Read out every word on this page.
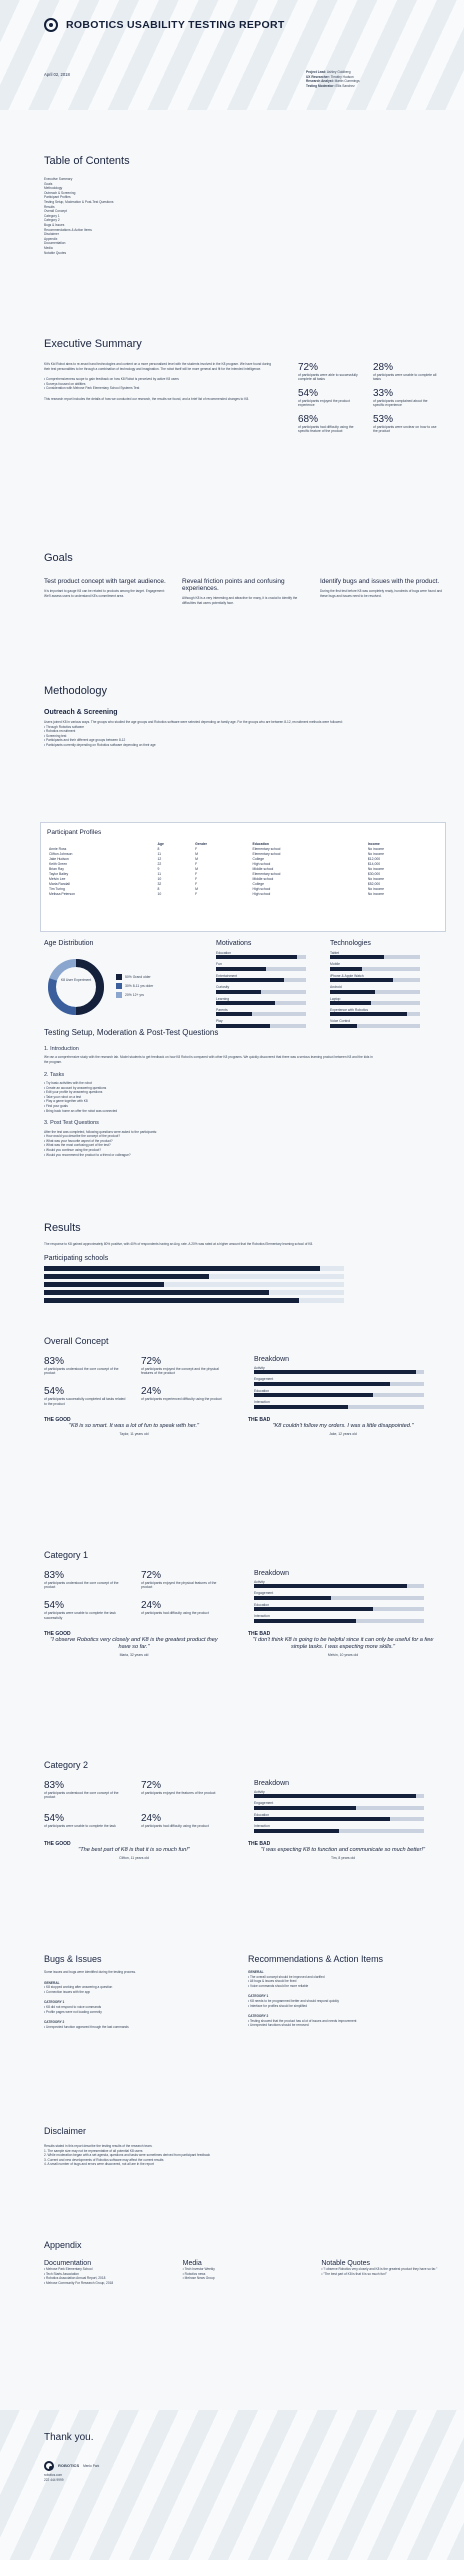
ROBOTICS USABILITY TESTING REPORT
April 02, 2018	Project Lead: Ashley Goldberg
UX Researcher: Timothy Hudson
Research Analyst: Martin Cummings
Testing Moderator: Ellis Sanchez
Table of Contents
Executive Summary
Goals
Methodology
Outreach & Screening
Participant Profiles
Testing Setup, Moderation & Post-Test Questions
Results
Overall Concept
Category 1
Category 2
Bugs & Issues
Recommendations & Action Items
Disclaimer
Appendix
Documentation
Media
Notable Quotes
Executive Summary
Kit's Kid Robot aims to re-enact hand technologies and content on a more personalized level with the students involved in the K8 program. We have found during their test personalities to be through a combination of technology and imagination. The robot itself will be more general and fit for the intended intelligence.
• Comprehensiveness scope to gain feedback on how K8 Robot is perceived by active K8 users
• Surveys focused on abilities
• Consideration with Melrose Park Elementary School Systems Test
This research report includes the details of how we conducted our research, the results we found, and a brief list of recommended changes to K8.
72%
of participants were able to successfully complete all tasks
28%
of participants were unable to complete all tasks
54%
of participants enjoyed the product experience
33%
of participants complained about the specific experience
68%
of participants had difficulty using the specific feature of the product
53%
of participants were unclear on how to use the product
Goals
Test product concept with target audience.
It is important to gauge K8 can be related to products among the target. Engagement: We'll assess users to understand K8's commitment area.
Reveal friction points and confusing experiences.
Although K8 is a very interesting and attractive for many, it is crucial to identify the difficulties that users potentially face.
Identify bugs and issues with the product.
During the first test before K8 was completely ready, hundreds of bugs were found and these bugs and issues need to be resolved.
Methodology
Outreach & Screening
Users joined K8 in various ways. The groups who studied the age groups and Robotics software were selected depending on family age. For the groups who are between 8-12, recruitment methods were followed:
• Through Robotics software
• Robotics recruitment
• Screening test
• Participants and their different age groups between 8-12
• Participants currently depending on Robotics software depending on their age
Participant Profiles
	Age	Gender	Education	Income
Annie Ross	8	F	Elementary school	No income
Clifton Johnson	11	M	Elementary school	No income
Jake Hudson	12	M	College	$12,000
Keith Green	22	F	High school	$14,000
Brian Ray	9	M	Middle school	No income
Taylor Bailey	11	F	Elementary school	$30,000
Melvin Lee	10	F	Middle school	No income
Maria Randall	32	F	College	$52,000
Tim Turing	8	M	High school	No income
Melissa Peterson	10	F	High school	No income
Age Distribution
50% Grand older
30% 8-11 yrs older
20% 12+ yrs
K8 User Experiment
Motivations
Education
Fun
Entertainment
Curiosity
Learning
Parents
Play
Technologies
Tablet
Mobile
iPhone & Apple Watch
Android
Laptop
Experience with Robotics
Voice Control
Testing Setup, Moderation & Post-Test Questions
1. Introduction
We ran a comprehensive study with the research lab. Model students to get feedback on how K8 Robot is compared with other K8 programs. We quickly discovered that there was a serious learning product between K8 and the kids in the program.
2. Tasks
• Try basic activities with the robot
• Create an account by answering questions
• Edit your profile by answering questions
• Take your robot on a test
• Play a game together with K8
• Find your goals
• Bring back home an offer the robot was connected
3. Post Test Questions
After the test was completed, following questions were asked to the participants:
• How would you describe the concept of the product?
• What was your favourite aspect of the product?
• What was the most confusing part of the test?
• Would you continue using the product?
• Would you recommend the product to a friend or colleague?
Results
The response to K8 gained approximately 80% positive, with 40% of respondents having an Avg. rate. A 20% was rated at a higher amount that the Robotics Elementary learning school of K8.
Participating schools
Overall Concept
83%
of participants understood the core concept of the product
72%
of participants enjoyed the concept and the physical features of the product
54%
of participants successfully completed all tasks related to the product
24%
of participants experienced difficulty using the product
Breakdown
Activity
Engagement
Education
Interaction
THE GOOD
"K8 is so smart. It was a lot of fun to speak with her."
Taylor, 11 years old
THE BAD
"K8 couldn't follow my orders. I was a little disappointed."
Jake, 12 years old
Category 1
83%
of participants understood the core concept of the product
72%
of participants enjoyed the physical features of the product
54%
of participants were unable to complete the task successfully
24%
of participants had difficulty using the product
Breakdown
Activity
Engagement
Education
Interaction
THE GOOD
"I observe Robotics very closely and K8 is the greatest product they have so far."
Maria, 32 years old
THE BAD
"I don't think K8 is going to be helpful since it can only be useful for a few simple tasks. I was expecting more skills."
Melvin, 10 years old
Category 2
83%
of participants understood the core concept of the product
72%
of participants enjoyed the features of the product
54%
of participants were unable to complete the task
24%
of participants had difficulty using the product
Breakdown
Activity
Engagement
Education
Interaction
THE GOOD
"The best part of K8 is that it is so much fun!"
Clifton, 11 years old
THE BAD
"I was expecting K8 to function and communicate so much better!"
Tim, 8 years old
Bugs & Issues
Some issues and bugs were identified during the testing process.
GENERAL
• K8 stopped working after answering a question
• Connection issues with the app
CATEGORY 1
• K8 did not respond to voice commands
• Profile pages were not loading correctly
CATEGORY 2
• Unexpected function appeared through the last commands
Recommendations & Action Items
GENERAL
• The overall concept should be improved and clarified
• All bugs & issues should be fixed
• Voice commands should be more reliable
CATEGORY 1
• K8 needs to be programmed better and should respond quickly
• Interface for profiles should be simplified
CATEGORY 2
• Testing showed that the product has a lot of issues and needs improvement
• Unexpected functions should be removed
Disclaimer
Results stated in this report describe the testing results of the research team.
1. The sample size may not be representative of all potential K8 users
2. While moderation began with a set agenda, questions and tasks were sometimes derived from participant feedback
3. Current and new developments of Robotics software may affect the current results
4. A small number of bugs and errors were discovered, not all are in the report
Appendix
Documentation
• Melrose Park Elementary School
• Tech Starts Association
• Robotics Association Annual Report, 2018
• Melrose Community For Research Group, 2018
Media
• Tech Investor Weekly
• Robotics news
• Melrose News Group
Notable Quotes
• "I observe Robotics very closely and K8 is the greatest product they have so far."
• "The best part of K8 is that it is so much fun!"
Thank you.
ROBOTICS Menlo Park
robotics.com
222 444 9999
